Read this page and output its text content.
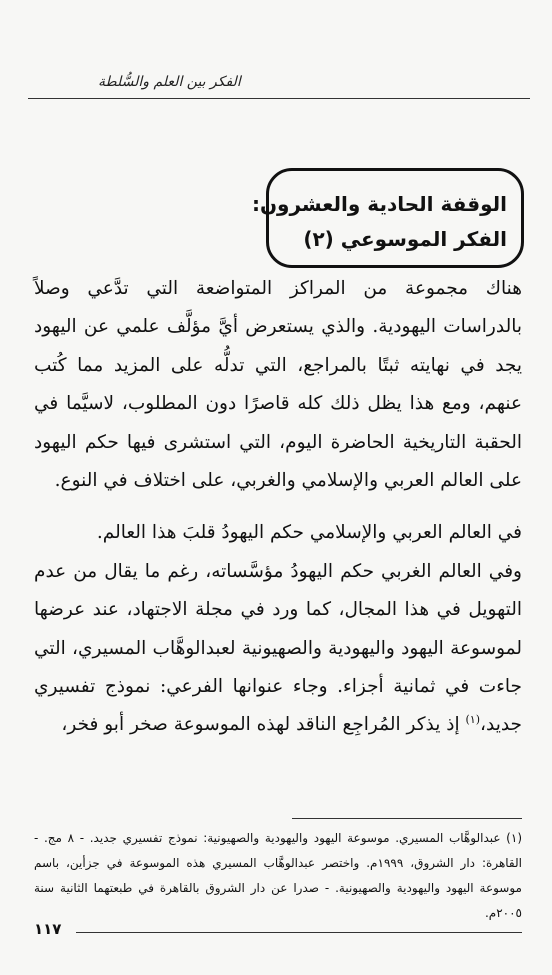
الفكر بين العلم والسُّلطة
الوقفة الحادية والعشرون:
الفكر الموسوعي (٢)

هناك مجموعة من المراكز المتواضعة التي تدَّعي وصلاً بالدراسات اليهودية. والذي يستعرض أيَّ مؤلَّف علمي عن اليهود يجد في نهايته ثبتًا بالمراجع، التي تدلُّه على المزيد مما كُتب عنهم، ومع هذا يظل ذلك كله قاصرًا دون المطلوب، لاسيَّما في الحقبة التاريخية الحاضرة اليوم، التي استشرى فيها حكم اليهود على العالم العربي والإسلامي والغربي، على اختلاف في النوع.

في العالم العربي والإسلامي حكم اليهودُ قلبَ هذا العالم.

وفي العالم الغربي حكم اليهودُ مؤسَّساته، رغم ما يقال من عدم التهويل في هذا المجال، كما ورد في مجلة الاجتهاد، عند عرضها لموسوعة اليهود واليهودية والصهيونية لعبدالوهَّاب المسيري، التي جاءت في ثمانية أجزاء. وجاء عنوانها الفرعي: نموذج تفسيري جديد،$^{(١)}$ إذ يذكر المُراجِع الناقد لهذه الموسوعة صخر أبو فخر،

(١) عبدالوهَّاب المسيري. موسوعة اليهود واليهودية والصهيونية: نموذج تفسيري جديد. - ٨ مج. - القاهرة: دار الشروق، ١٩٩٩م. واختصر عبدالوهَّاب المسيري هذه الموسوعة في جزأين، باسم موسوعة اليهود واليهودية والصهيونية. - صدرا عن دار الشروق بالقاهرة في طبعتهما الثانية سنة ٢٠٠٥م.

١١٧
